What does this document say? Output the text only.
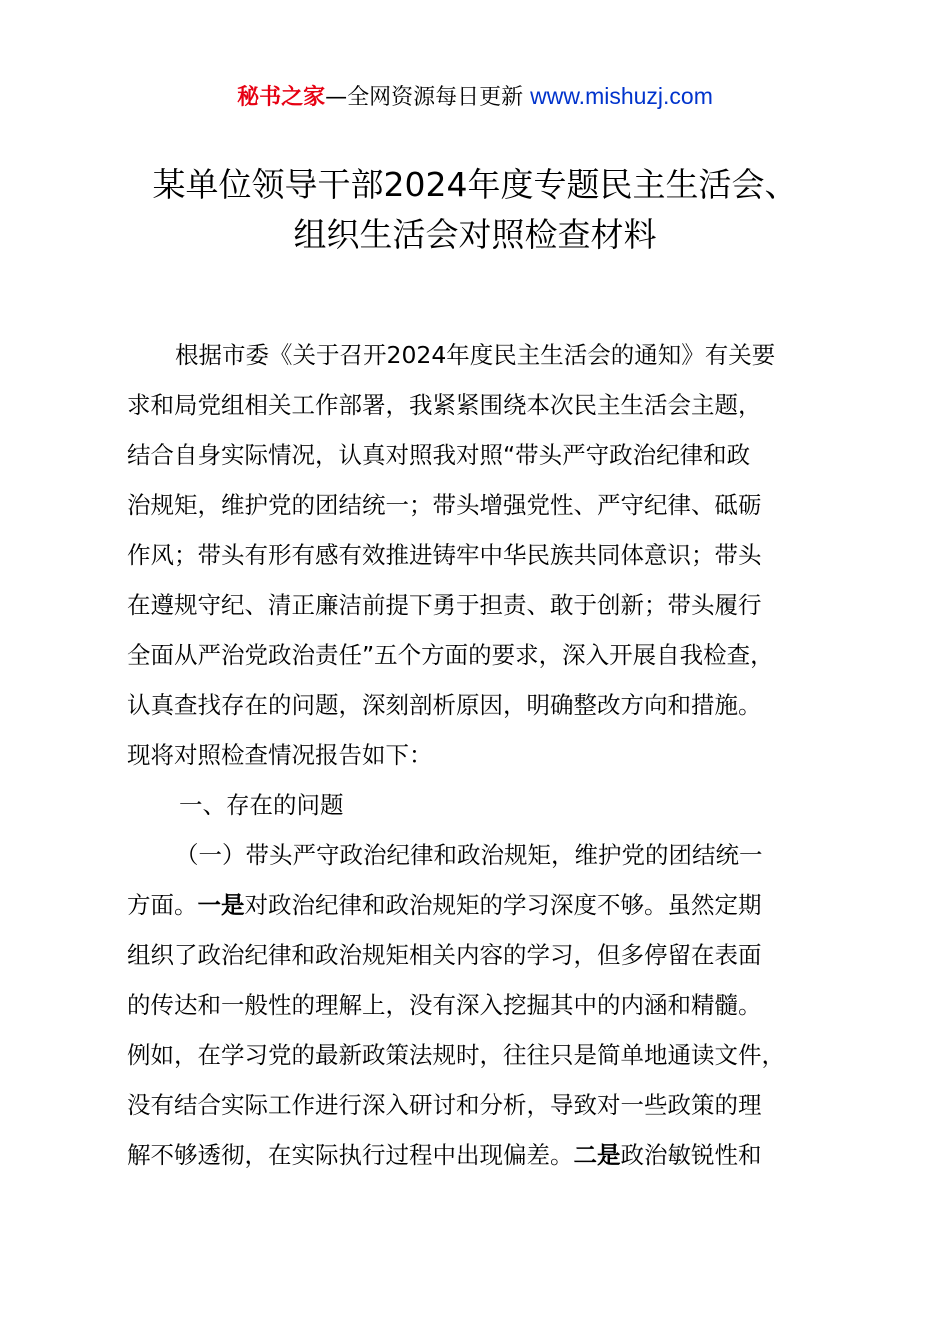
秘书之家—全网资源每日更新 www.mishuzj.com
某单位领导干部2024年度专题民主生活会、
组织生活会对照检查材料
根据市委《关于召开2024年度民主生活会的通知》有关要
求和局党组相关工作部署，我紧紧围绕本次民主生活会主题，
结合自身实际情况，认真对照我对照“带头严守政治纪律和政
治规矩，维护党的团结统一；带头增强党性、严守纪律、砥砺
作风；带头有形有感有效推进铸牢中华民族共同体意识；带头
在遵规守纪、清正廉洁前提下勇于担责、敢于创新；带头履行
全面从严治党政治责任”五个方面的要求，深入开展自我检查，
认真查找存在的问题，深刻剖析原因，明确整改方向和措施。
现将对照检查情况报告如下：
一、存在的问题
（一）带头严守政治纪律和政治规矩，维护党的团结统一
方面。一是对政治纪律和政治规矩的学习深度不够。虽然定期
组织了政治纪律和政治规矩相关内容的学习，但多停留在表面
的传达和一般性的理解上，没有深入挖掘其中的内涵和精髓。
例如，在学习党的最新政策法规时，往往只是简单地通读文件，
没有结合实际工作进行深入研讨和分析，导致对一些政策的理
解不够透彻，在实际执行过程中出现偏差。二是政治敏锐性和
